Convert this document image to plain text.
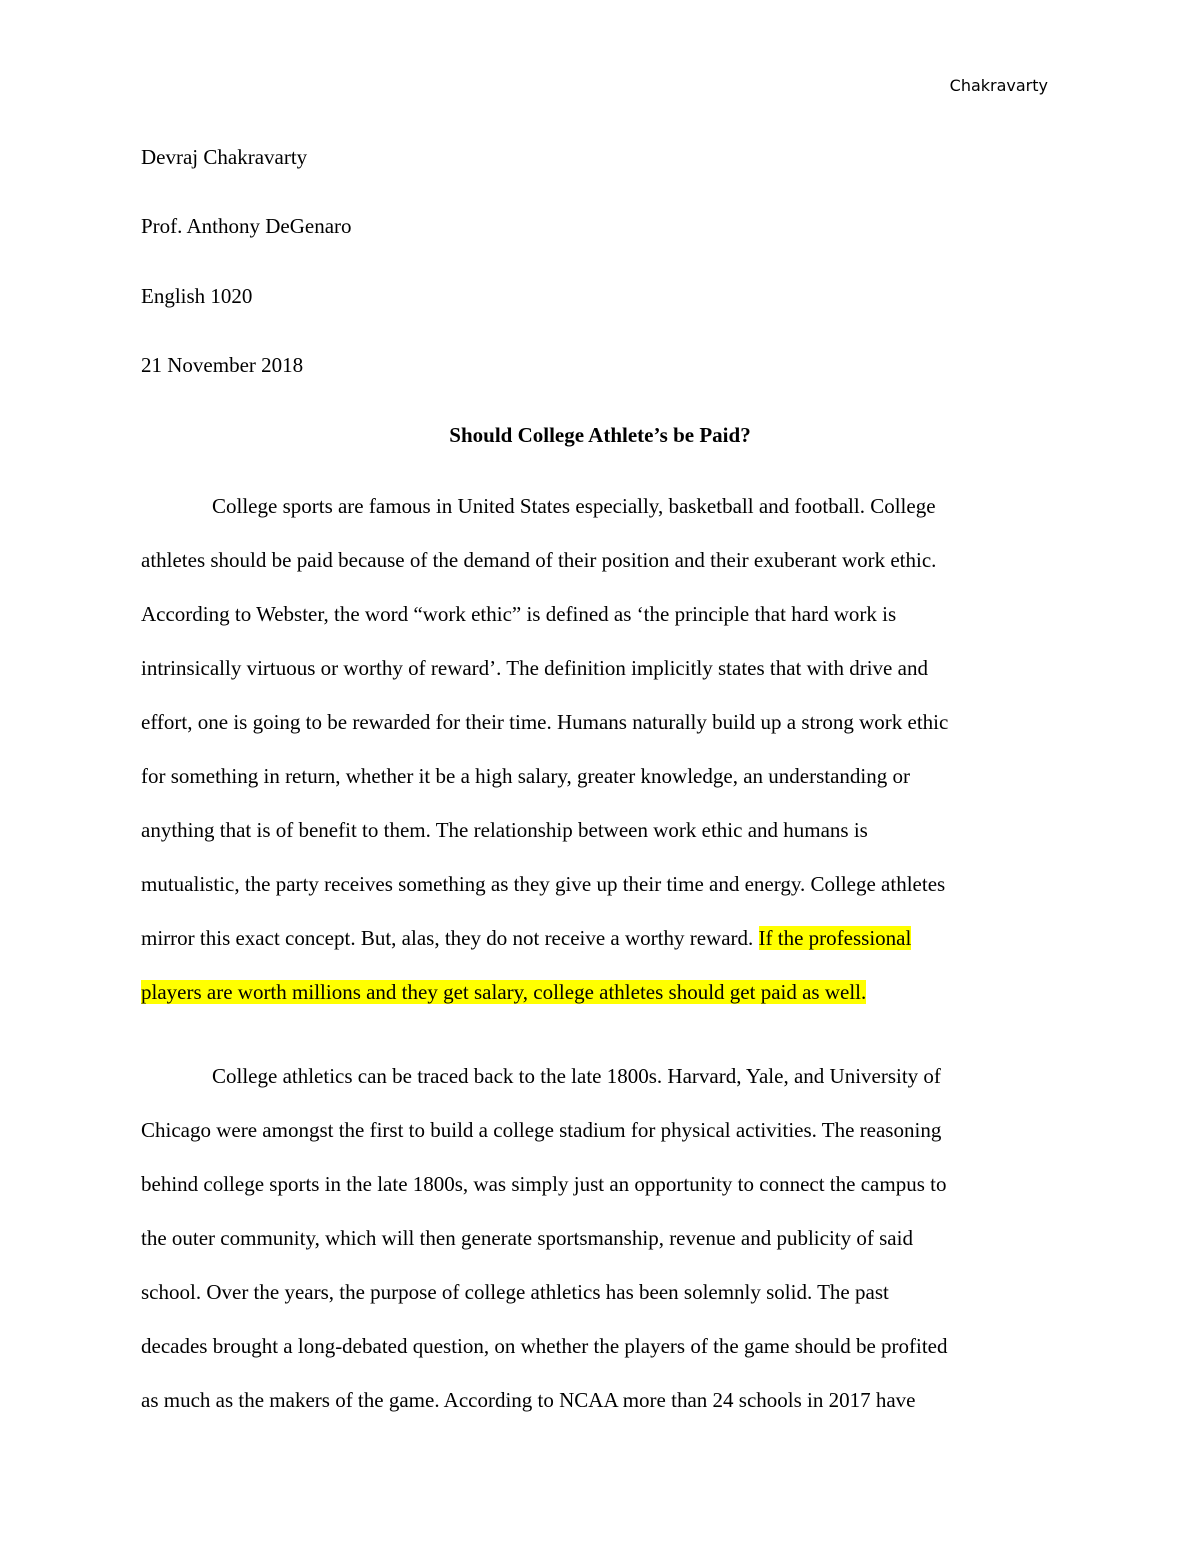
Chakravarty
Devraj Chakravarty
Prof. Anthony DeGenaro
English 1020
21 November 2018
Should College Athlete’s be Paid?
College sports are famous in United States especially, basketball and football. College
athletes should be paid because of the demand of their position and their exuberant work ethic.
According to Webster, the word “work ethic” is defined as ‘the principle that hard work is
intrinsically virtuous or worthy of reward’. The definition implicitly states that with drive and
effort, one is going to be rewarded for their time. Humans naturally build up a strong work ethic
for something in return, whether it be a high salary, greater knowledge, an understanding or
anything that is of benefit to them. The relationship between work ethic and humans is
mutualistic, the party receives something as they give up their time and energy. College athletes
mirror this exact concept. But, alas, they do not receive a worthy reward. If the professional
players are worth millions and they get salary, college athletes should get paid as well.
College athletics can be traced back to the late 1800s. Harvard, Yale, and University of
Chicago were amongst the first to build a college stadium for physical activities. The reasoning
behind college sports in the late 1800s, was simply just an opportunity to connect the campus to
the outer community, which will then generate sportsmanship, revenue and publicity of said
school. Over the years, the purpose of college athletics has been solemnly solid. The past
decades brought a long-debated question, on whether the players of the game should be profited
as much as the makers of the game. According to NCAA more than 24 schools in 2017 have
